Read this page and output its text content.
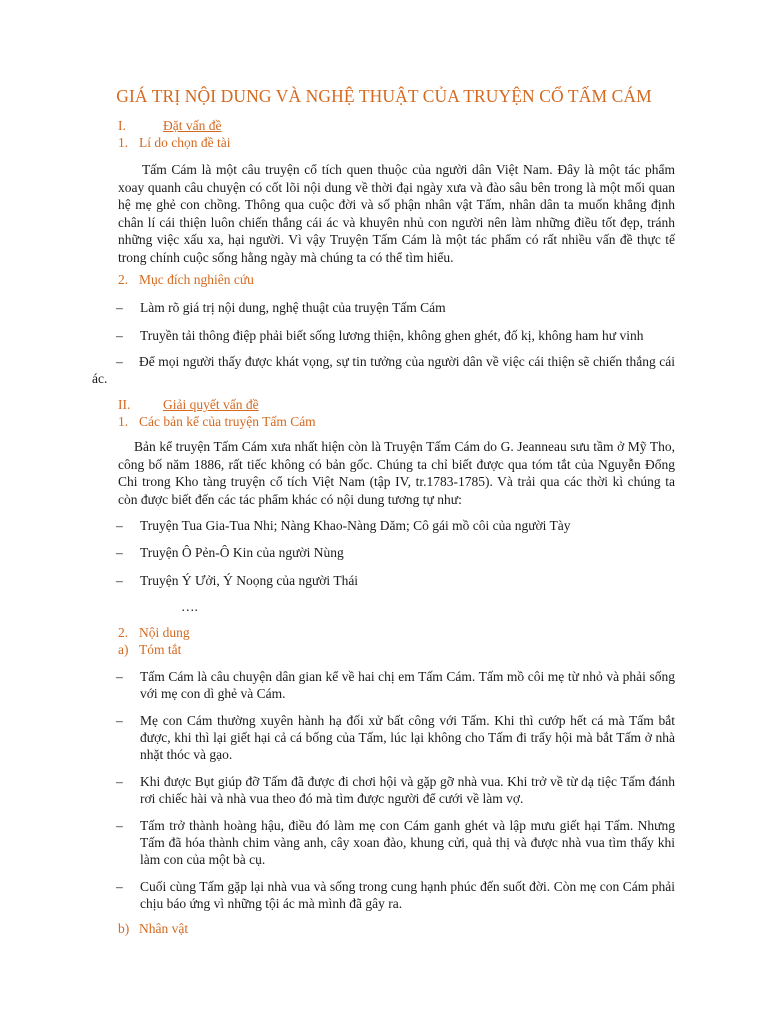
GIÁ TRỊ NỘI DUNG VÀ NGHỆ THUẬT CỦA TRUYỆN CỔ TẤM CÁM
I.	Đặt vấn đề
1. Lí do chọn đề tài
Tấm Cám là một câu truyện cổ tích quen thuộc của người dân Việt Nam. Đây là một tác phẩm xoay quanh câu chuyện có cốt lõi nội dung về thời đại ngày xưa và đào sâu bên trong là một mối quan hệ mẹ ghẻ con chồng. Thông qua cuộc đời và số phận nhân vật Tấm, nhân dân ta muốn khẳng định chân lí cái thiện luôn chiến thắng cái ác và khuyên nhủ con người nên làm những điều tốt đẹp, tránh những việc xấu xa, hại người. Vì vậy Truyện Tấm Cám là một tác phẩm có rất nhiều vấn đề thực tế trong chính cuộc sống hằng ngày mà chúng ta có thể tìm hiểu.
2. Mục đích nghiên cứu
– Làm rõ giá trị nội dung, nghệ thuật của truyện Tấm Cám
– Truyền tải thông điệp phải biết sống lương thiện, không ghen ghét, đố kị, không ham hư vinh
–	Để mọi người thấy được khát vọng, sự tin tưởng của người dân về việc cái thiện sẽ chiến thắng cái ác.
II. Giải quyết vấn đề
1. Các bản kể của truyện Tấm Cám
Bản kể truyện Tấm Cám xưa nhất hiện còn là Truyện Tấm Cám do G. Jeanneau sưu tầm ở Mỹ Tho, công bố năm 1886, rất tiếc không có bản gốc. Chúng ta chỉ biết được qua tóm tắt của Nguyễn Đổng Chi trong Kho tàng truyện cổ tích Việt Nam (tập IV, tr.1783-1785). Và trải qua các thời kì chúng ta còn được biết đến các tác phẩm khác có nội dung tương tự như:
– Truyện Tua Gia-Tua Nhi; Nàng Khao-Nàng Dăm; Cô gái mồ côi của người Tày
– Truyện Ô Pẻn-Ô Kin của người Nùng
– Truyện Ý Ưởi, Ý Noọng của người Thái
….
2. Nội dung
a) Tóm tắt
– Tấm Cám là câu chuyện dân gian kể về hai chị em Tấm Cám. Tấm mồ côi mẹ từ nhỏ và phải sống với mẹ con dì ghẻ và Cám.
– Mẹ con Cám thường xuyên hành hạ đối xử bất công với Tấm. Khi thì cướp hết cá mà Tấm bắt được, khi thì lại giết hại cả cá bống của Tấm, lúc lại không cho Tấm đi trẩy hội mà bắt Tấm ở nhà nhặt thóc và gạo.
– Khi được Bụt giúp đỡ Tấm đã được đi chơi hội và gặp gỡ nhà vua. Khi trở về từ dạ tiệc Tấm đánh rơi chiếc hài và nhà vua theo đó mà tìm được người để cưới về làm vợ.
– Tấm trở thành hoàng hậu, điều đó làm mẹ con Cám ganh ghét và lập mưu giết hại Tấm. Nhưng Tấm đã hóa thành chim vàng anh, cây xoan đào, khung cửi, quả thị và được nhà vua tìm thấy khi làm con của một bà cụ.
– Cuối cùng Tấm gặp lại nhà vua và sống trong cung hạnh phúc đến suốt đời. Còn mẹ con Cám phải chịu báo ứng vì những tội ác mà mình đã gây ra.
b) Nhân vật
